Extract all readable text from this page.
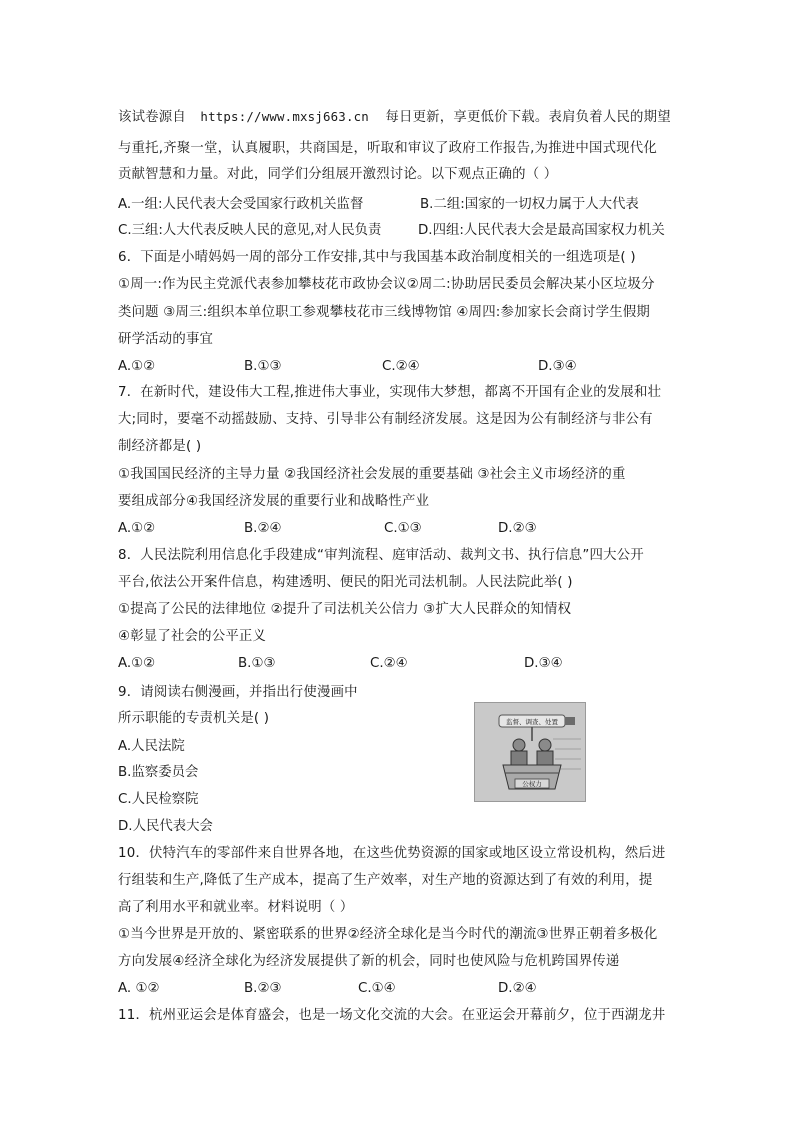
该试卷源自 https://www.mxsj663.cn 每日更新，享更低价下载。表肩负着人民的期望
与重托,齐聚一堂，认真履职，共商国是，听取和审议了政府工作报告,为推进中国式现代化
贡献智慧和力量。对此，同学们分组展开激烈讨论。以下观点正确的（ ）
A.一组:人民代表大会受国家行政机关监督	B.二组:国家的一切权力属于人大代表
C.三组:人大代表反映人民的意见,对人民负责	D.四组:人民代表大会是最高国家权力机关
6．下面是小晴妈妈一周的部分工作安排,其中与我国基本政治制度相关的一组选项是( )
①周一:作为民主党派代表参加攀枝花市政协会议②周二:协助居民委员会解决某小区垃圾分
类问题 ③周三:组织本单位职工参观攀枝花市三线博物馆 ④周四:参加家长会商讨学生假期
研学活动的事宜
A.①②	B.①③	C.②④	D.③④
7．在新时代，建设伟大工程,推进伟大事业，实现伟大梦想，都离不开国有企业的发展和壮
大;同时，要毫不动摇鼓励、支持、引导非公有制经济发展。这是因为公有制经济与非公有
制经济都是( )
①我国国民经济的主导力量 ②我国经济社会发展的重要基础 ③社会主义市场经济的重
要组成部分④我国经济发展的重要行业和战略性产业
A.①②	B.②④	C.①③	D.②③
8．人民法院利用信息化手段建成“审判流程、庭审活动、裁判文书、执行信息”四大公开
平台,依法公开案件信息，构建透明、便民的阳光司法机制。人民法院此举( )
①提高了公民的法律地位 ②提升了司法机关公信力 ③扩大人民群众的知情权
④彰显了社会的公平正义
A.①②	B.①③	C.②④	D.③④
9．请阅读右侧漫画，并指出行使漫画中
所示职能的专责机关是( )
A.人民法院
B.监察委员会
C.人民检察院
D.人民代表大会
监督、调查、处置
公权力
10．伏特汽车的零部件来自世界各地，在这些优势资源的国家或地区设立常设机构，然后进
行组装和生产,降低了生产成本，提高了生产效率，对生产地的资源达到了有效的利用，提
高了利用水平和就业率。材料说明（ ）
①当今世界是开放的、紧密联系的世界②经济全球化是当今时代的潮流③世界正朝着多极化
方向发展④经济全球化为经济发展提供了新的机会，同时也使风险与危机跨国界传递
A. ①②	B.②③	C.①④	D.②④
11．杭州亚运会是体育盛会，也是一场文化交流的大会。在亚运会开幕前夕，位于西湖龙井
